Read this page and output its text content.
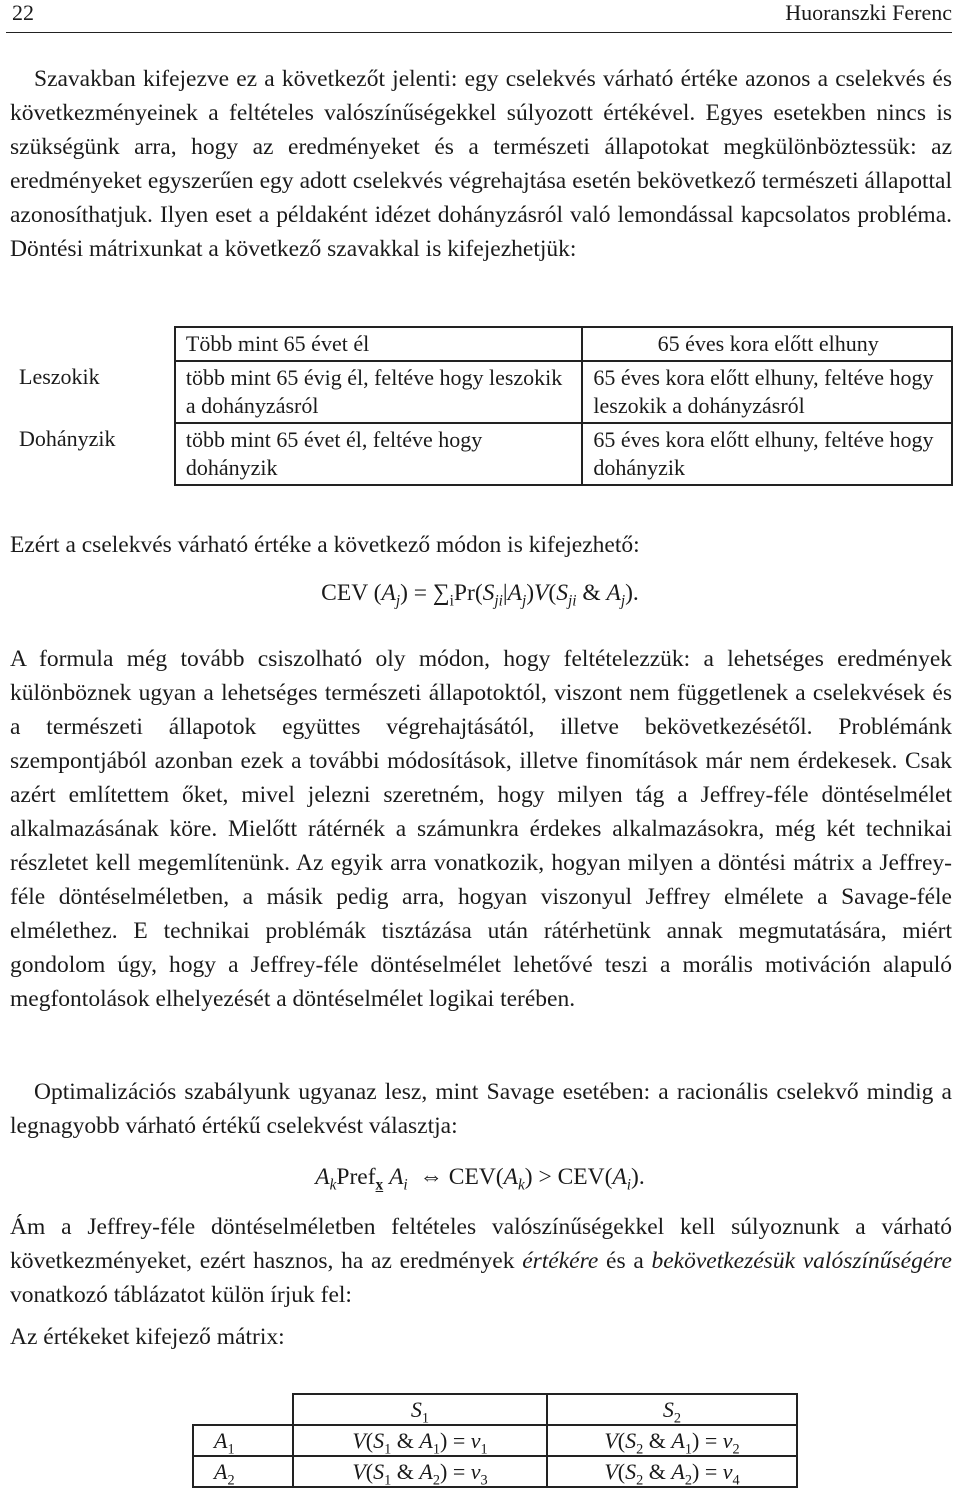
22	Huoranszki Ferenc

Szavakban kifejezve ez a következőt jelenti: egy cselekvés várható értéke azonos a cselekvés és következményeinek a feltételes valószínűségekkel súlyozott értékével. Egyes esetekben nincs is szükségünk arra, hogy az eredményeket és a természeti állapotokat megkülönböztessük: az eredményeket egyszerűen egy adott cselekvés végrehajtása esetén bekövetkező természeti állapottal azonosíthatjuk. Ilyen eset a példaként idézet dohányzásról való lemondással kapcsolatos probléma. Döntési mátrixunkat a következő szavakkal is kifejezhetjük:

	Több mint 65 évet él	65 éves kora előtt elhuny
Leszokik	több mint 65 évig él, feltéve hogy leszokik a dohányzásról	65 éves kora előtt elhuny, feltéve hogy leszokik a dohányzásról
Dohányzik	több mint 65 évet él, feltéve hogy dohányzik	65 éves kora előtt elhuny, feltéve hogy dohányzik

Ezért a cselekvés várható értéke a következő módon is kifejezhető:

CEV $(A_j) = \sum_iPr(S_{ji}|A_j)V(S_{ji}$ & $A_j$).

A formula még tovább csiszolható oly módon, hogy feltételezzük: a lehetséges eredmények különböznek ugyan a lehetséges természeti állapotoktól, viszont nem függetlenek a cselekvések és a természeti állapotok együttes végrehajtásától, illetve bekövetkezésétől. Problémánk szempontjából azonban ezek a további módosítások, illetve finomítások már nem érdekesek. Csak azért említettem őket, mivel jelezni szeretném, hogy milyen tág a Jeffrey-féle döntéselmélet alkalmazásának köre. Mielőtt rátérnék a számunkra érdekes alkalmazásokra, még két technikai részletet kell megemlítenünk. Az egyik arra vonatkozik, hogyan milyen a döntési mátrix a Jeffrey-féle döntéselméletben, a másik pedig arra, hogyan viszonyul Jeffrey elmélete a Savage-féle elmélethez. E technikai problémák tisztázása után rátérhetünk annak megmutatására, miért gondolom úgy, hogy a Jeffrey-féle döntéselmélet lehetővé teszi a morális motiváción alapuló megfontolások elhelyezését a döntéselmélet logikai terében.

Optimalizációs szabályunk ugyanaz lesz, mint Savage esetében: a racionális cselekvő mindig a legnagyobb várható értékű cselekvést választja:

$A_kPref_x$ $A_i$ ⇔ $CEV(A_k) > CEV(A_i)$.

Ám a Jeffrey-féle döntéselméletben feltételes valószínűségekkel kell súlyoznunk a várható következményeket, ezért hasznos, ha az eredmények értékére és a bekövetkezésük valószínűségére vonatkozó táblázatot külön írjuk fel:

Az értékeket kifejező mátrix:

	$S_1$	$S_2$
$A_1$	$V(S_1$ & $A_1) = v_1$	$V(S_2$ & $A_1) = v_2$
$A_2$	$V(S_1$ & $A_2) = v_3$	$V(S_2$ & $A_2) = v_4$
